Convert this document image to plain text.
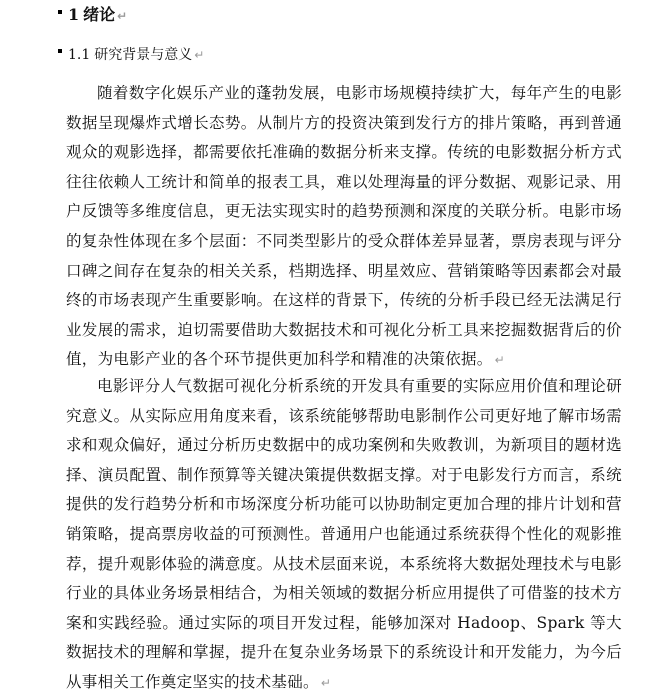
1 绪论 ↵
1.1 研究背景与意义 ↵

随着数字化娱乐产业的蓬勃发展，电影市场规模持续扩大，每年产生的电影数据呈现爆炸式增长态势。从制片方的投资决策到发行方的排片策略，再到普通观众的观影选择，都需要依托准确的数据分析来支撑。传统的电影数据分析方式往往依赖人工统计和简单的报表工具，难以处理海量的评分数据、观影记录、用户反馈等多维度信息，更无法实现实时的趋势预测和深度的关联分析。电影市场的复杂性体现在多个层面：不同类型影片的受众群体差异显著，票房表现与评分口碑之间存在复杂的相关关系，档期选择、明星效应、营销策略等因素都会对最终的市场表现产生重要影响。在这样的背景下，传统的分析手段已经无法满足行业发展的需求，迫切需要借助大数据技术和可视化分析工具来挖掘数据背后的价值，为电影产业的各个环节提供更加科学和精准的决策依据。 ↵

电影评分人气数据可视化分析系统的开发具有重要的实际应用价值和理论研究意义。从实际应用角度来看，该系统能够帮助电影制作公司更好地了解市场需求和观众偏好，通过分析历史数据中的成功案例和失败教训，为新项目的题材选择、演员配置、制作预算等关键决策提供数据支撑。对于电影发行方而言，系统提供的发行趋势分析和市场深度分析功能可以协助制定更加合理的排片计划和营销策略，提高票房收益的可预测性。普通用户也能通过系统获得个性化的观影推荐，提升观影体验的满意度。从技术层面来说，本系统将大数据处理技术与电影行业的具体业务场景相结合，为相关领域的数据分析应用提供了可借鉴的技术方案和实践经验。通过实际的项目开发过程，能够加深对 Hadoop、Spark 等大数据技术的理解和掌握，提升在复杂业务场景下的系统设计和开发能力，为今后从事相关工作奠定坚实的技术基础。 ↵
